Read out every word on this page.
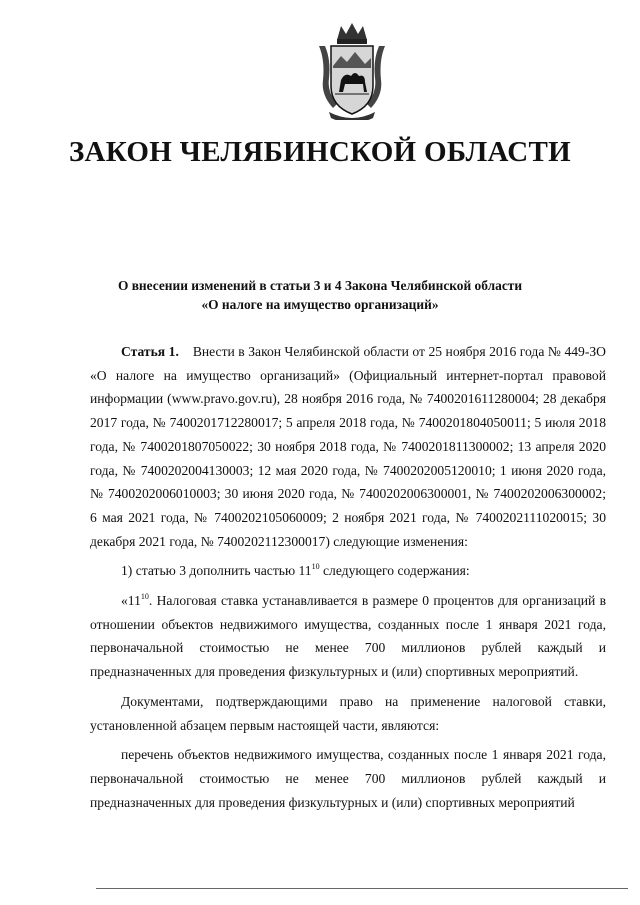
ЗАКОН ЧЕЛЯБИНСКОЙ ОБЛАСТИ
О внесении изменений в статьи 3 и 4 Закона Челябинской области
«О налоге на имущество организаций»

Статья 1. Внести в Закон Челябинской области от 25 ноября 2016 года № 449-ЗО «О налоге на имущество организаций» (Официальный интернет-портал правовой информации (www.pravo.gov.ru), 28 ноября 2016 года, № 7400201611280004; 28 декабря 2017 года, № 7400201712280017; 5 апреля 2018 года, № 7400201804050011; 5 июля 2018 года, № 7400201807050022; 30 ноября 2018 года, № 7400201811300002; 13 апреля 2020 года, № 7400202004130003; 12 мая 2020 года, № 7400202005120010; 1 июня 2020 года, № 7400202006010003; 30 июня 2020 года, № 7400202006300001, № 7400202006300002; 6 мая 2021 года, № 7400202105060009; 2 ноября 2021 года, № 7400202111020015; 30 декабря 2021 года, № 7400202112300017) следующие изменения:

1) статью 3 дополнить частью $11^{10}$ следующего содержания:

«$11^{10}$. Налоговая ставка устанавливается в размере 0 процентов для организаций в отношении объектов недвижимого имущества, созданных после 1 января 2021 года, первоначальной стоимостью не менее 700 миллионов рублей каждый и предназначенных для проведения физкультурных и (или) спортивных мероприятий.

Документами, подтверждающими право на применение налоговой ставки, установленной абзацем первым настоящей части, являются:

перечень объектов недвижимого имущества, созданных после 1 января 2021 года, первоначальной стоимостью не менее 700 миллионов рублей каждый и предназначенных для проведения физкультурных и (или) спортивных мероприятий
